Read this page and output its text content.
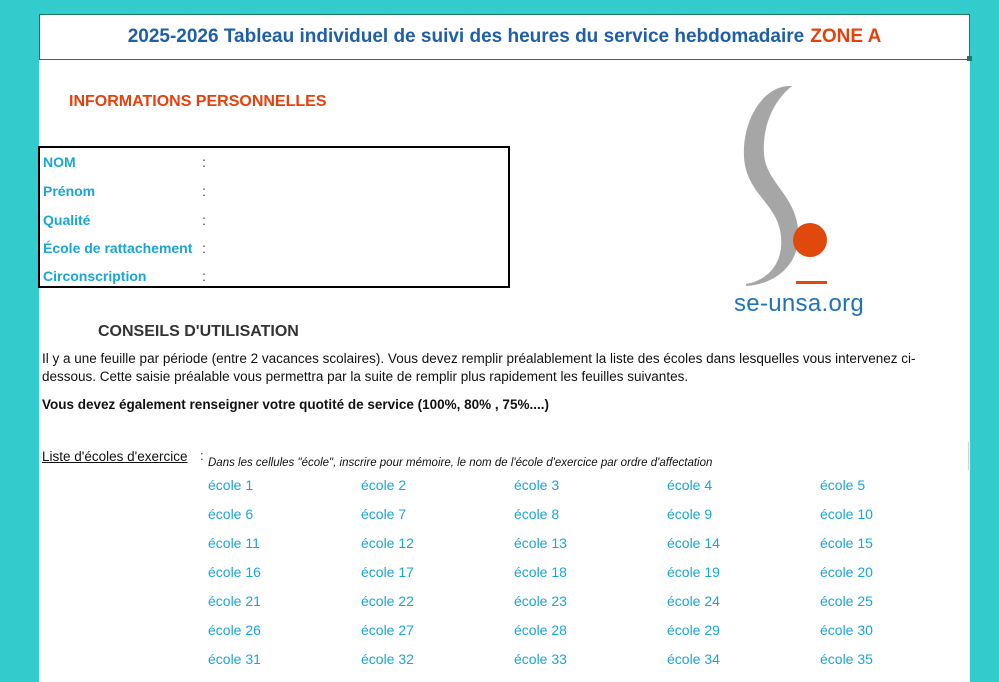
2025-2026 Tableau individuel de suivi des heures du service hebdomadaire ZONE A
INFORMATIONS PERSONNELLES
NOM	:
Prénom	:
Qualité	:
École de rattachement :
Circonscription	:
se-unsa.org
CONSEILS D'UTILISATION
Il y a une feuille par période (entre 2 vacances scolaires). Vous devez remplir préalablement la liste des écoles dans lesquelles vous intervenez ci-dessous. Cette saisie préalable vous permettra par la suite de remplir plus rapidement les feuilles suivantes.
Vous devez également renseigner votre quotité de service (100%, 80% , 75%....)
Liste d'écoles d'exercice : Dans les cellules "école", inscrire pour mémoire, le nom de l'école d'exercice par ordre d'affectation
école 1	école 2	école 3	école 4	école 5
école 6	école 7	école 8	école 9	école 10
école 11	école 12	école 13	école 14	école 15
école 16	école 17	école 18	école 19	école 20
école 21	école 22	école 23	école 24	école 25
école 26	école 27	école 28	école 29	école 30
école 31	école 32	école 33	école 34	école 35
